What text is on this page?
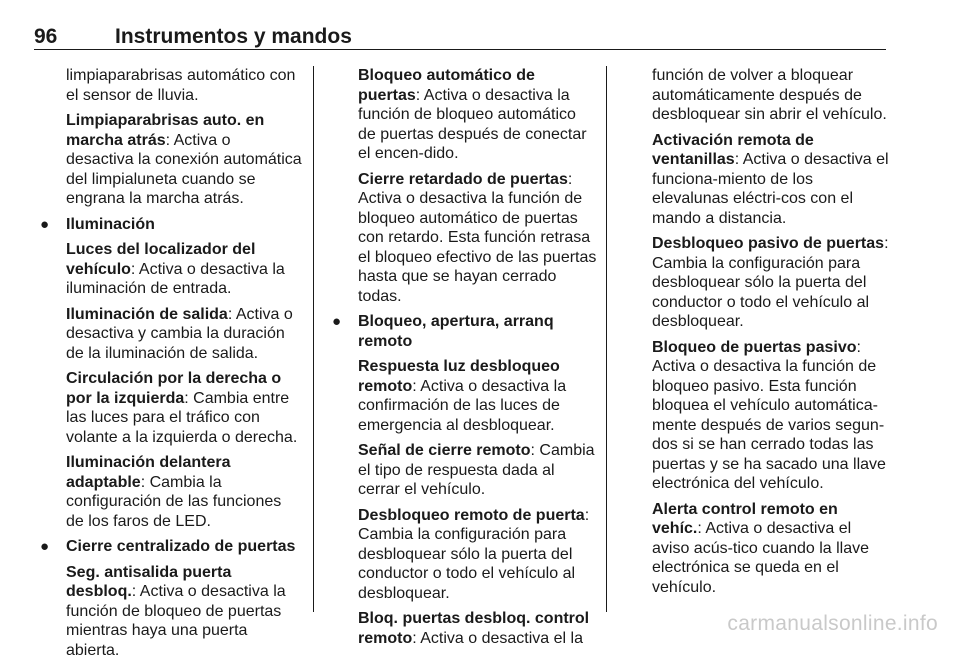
96	Instrumentos y mandos

limpiaparabrisas automático con el sensor de lluvia.

Limpiaparabrisas auto. en marcha atrás: Activa o desactiva la conexión automática del limpialuneta cuando se engrana la marcha atrás.

● Iluminación

Luces del localizador del vehículo: Activa o desactiva la iluminación de entrada.

Iluminación de salida: Activa o desactiva y cambia la duración de la iluminación de salida.

Circulación por la derecha o por la izquierda: Cambia entre las luces para el tráfico con volante a la izquierda o derecha.

Iluminación delantera adaptable: Cambia la configuración de las funciones de los faros de LED.

● Cierre centralizado de puertas

Seg. antisalida puerta desbloq.: Activa o desactiva la función de bloqueo de puertas mientras haya una puerta abierta.

Bloqueo automático de puertas: Activa o desactiva la función de bloqueo automático de puertas después de conectar el encen-dido.

Cierre retardado de puertas: Activa o desactiva la función de bloqueo automático de puertas con retardo. Esta función retrasa el bloqueo efectivo de las puertas hasta que se hayan cerrado todas.

● Bloqueo, apertura, arranq remoto

Respuesta luz desbloqueo remoto: Activa o desactiva la confirmación de las luces de emergencia al desbloquear.

Señal de cierre remoto: Cambia el tipo de respuesta dada al cerrar el vehículo.

Desbloqueo remoto de puerta: Cambia la configuración para desbloquear sólo la puerta del conductor o todo el vehículo al desbloquear.

Bloq. puertas desbloq. control remoto: Activa o desactiva el la

función de volver a bloquear automáticamente después de desbloquear sin abrir el vehículo.

Activación remota de ventanillas: Activa o desactiva el funciona-miento de los elevalunas eléctri-cos con el mando a distancia.

Desbloqueo pasivo de puertas: Cambia la configuración para desbloquear sólo la puerta del conductor o todo el vehículo al desbloquear.

Bloqueo de puertas pasivo: Activa o desactiva la función de bloqueo pasivo. Esta función bloquea el vehículo automática-mente después de varios segun-dos si se han cerrado todas las puertas y se ha sacado una llave electrónica del vehículo.

Alerta control remoto en vehíc.: Activa o desactiva el aviso acús-tico cuando la llave electrónica se queda en el vehículo.

carmanualsonline.info
